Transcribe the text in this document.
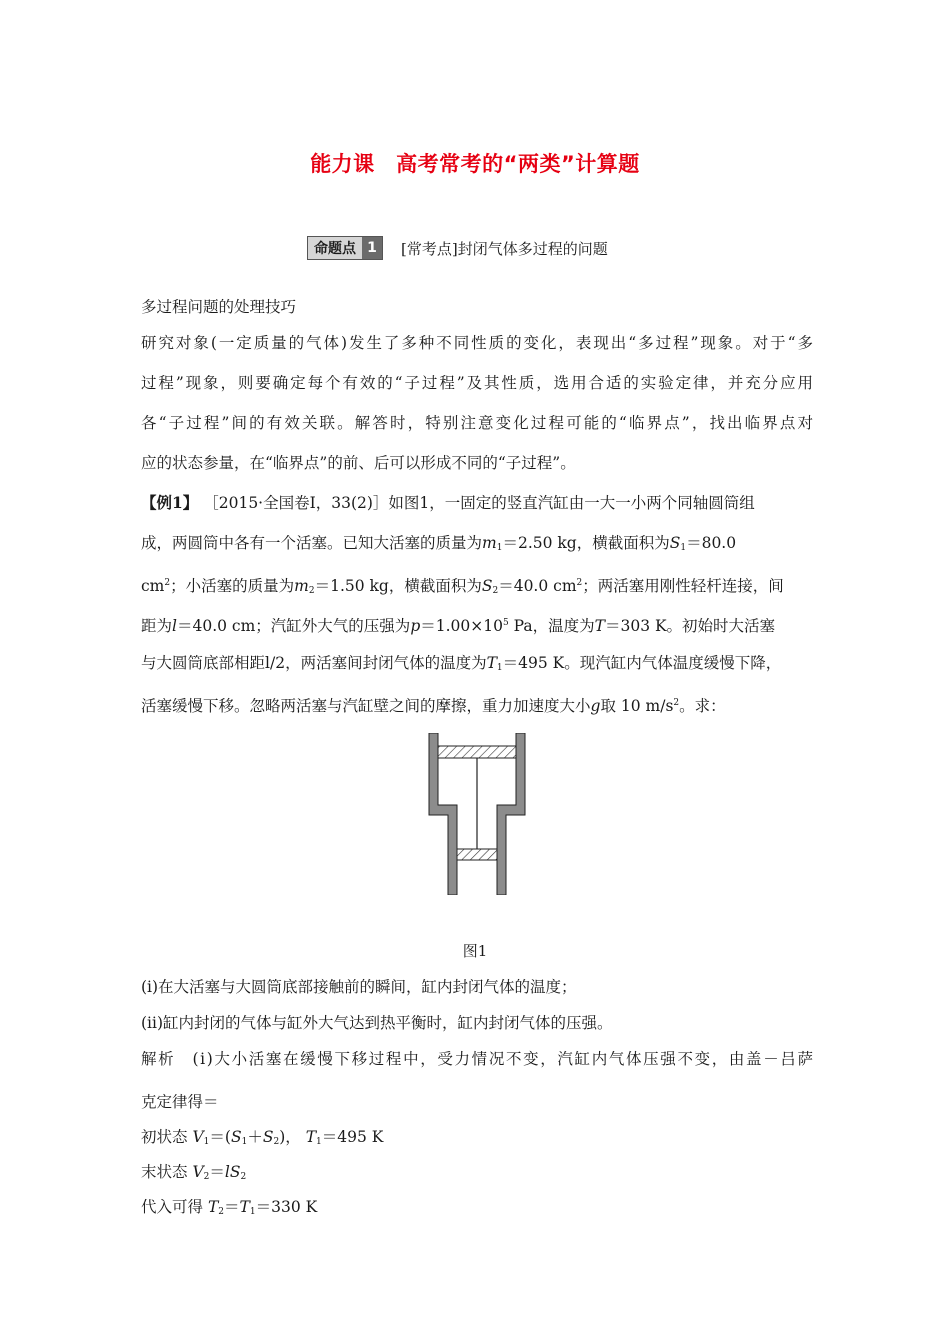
能力课　高考常考的“两类”计算题
命题点 1	[常考点]封闭气体多过程的问题
多过程问题的处理技巧
研究对象(一定质量的气体)发生了多种不同性质的变化，表现出“多过程”现象。对于“多
过程”现象，则要确定每个有效的“子过程”及其性质，选用合适的实验定律，并充分应用
各“子过程”间的有效关联。解答时，特别注意变化过程可能的“临界点”，找出临界点对
应的状态参量，在“临界点”的前、后可以形成不同的“子过程”。
【例1】 ［2015·全国卷Ⅰ，33(2)］如图1，一固定的竖直汽缸由一大一小两个同轴圆筒组
成，两圆筒中各有一个活塞。已知大活塞的质量为$m_1=2.50$ kg，横截面积为$S_1=80.0$
$cm^2$；小活塞的质量为$m_2=1.50$ kg，横截面积为$S_2=40.0$ $cm^2$；两活塞用刚性轻杆连接，间
距为l＝40.0 cm；汽缸外大气的压强为$p=1.00\times 10^5$ Pa，温度为T＝303 K。初始时大活塞
与大圆筒底部相距l/2，两活塞间封闭气体的温度为$T_1=495$ K。现汽缸内气体温度缓慢下降，
活塞缓慢下移。忽略两活塞与汽缸壁之间的摩擦，重力加速度大小g取 10 $m/s^2$。求：
图1
(ⅰ)在大活塞与大圆筒底部接触前的瞬间，缸内封闭气体的温度；
(ⅱ)缸内封闭的气体与缸外大气达到热平衡时，缸内封闭气体的压强。
解析　(ⅰ)大小活塞在缓慢下移过程中，受力情况不变，汽缸内气体压强不变，由盖－吕萨
克定律得＝
初状态 $V_1=(S_1+S_2)$， $T_1=495$ K
末状态 $V_2=lS_2$
代入可得 $T_2=T_1=330$ K
